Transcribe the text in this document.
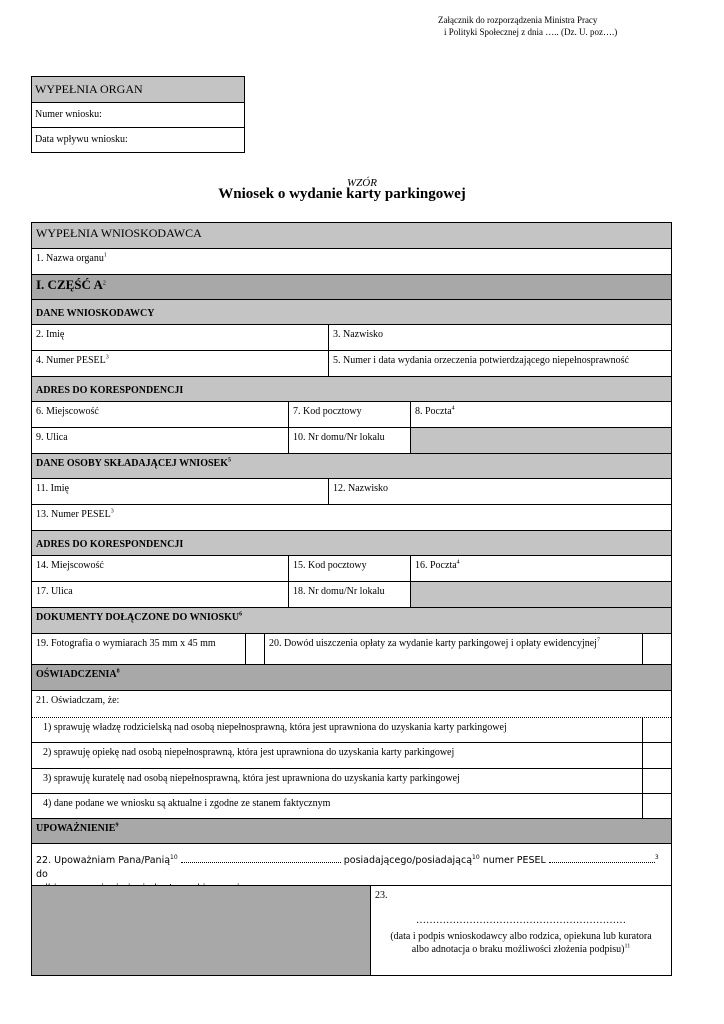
Załącznik do rozporządzenia Ministra Pracy
i Polityki Społecznej z dnia ….. (Dz. U. poz….)
WYPEŁNIA ORGAN
Numer wniosku:
Data wpływu wniosku:
WZÓR
Wniosek o wydanie karty parkingowej
WYPEŁNIA WNIOSKODAWCA
1. Nazwa organu$^1$
I. CZĘŚĆ $A^2$
DANE WNIOSKODAWCY
2. Imię	3. Nazwisko
4. Numer PESEL$^3$	5. Numer i data wydania orzeczenia potwierdzającego niepełnosprawność
ADRES DO KORESPONDENCJI
6. Miejscowość	7. Kod pocztowy	8. Poczta$^4$
9. Ulica	10. Nr domu/Nr lokalu
DANE OSOBY SKŁADAJĄCEJ WNIOSEK$^5$
11. Imię	12. Nazwisko
13. Numer PESEL$^3$
ADRES DO KORESPONDENCJI
14. Miejscowość	15. Kod pocztowy	16. Poczta$^4$
17. Ulica	18. Nr domu/Nr lokalu
DOKUMENTY DOŁĄCZONE DO WNIOSKU$^6$
19. Fotografia o wymiarach 35 mm x 45 mm	20. Dowód uiszczenia opłaty za wydanie karty parkingowej i opłaty ewidencyjnej$^7$
OŚWIADCZENIA$^8$
21. Oświadczam, że:
1) sprawuję władzę rodzicielską nad osobą niepełnosprawną, która jest uprawniona do uzyskania karty parkingowej
2) sprawuję opiekę nad osobą niepełnosprawną, która jest uprawniona do uzyskania karty parkingowej
3) sprawuję kuratelę nad osobą niepełnosprawną, która jest uprawniona do uzyskania karty parkingowej
4) dane podane we wniosku są aktualne i zgodne ze stanem faktycznym
UPOWAŻNIENIE$^9$
22. Upoważniam Pana/Panią$^{10}$	posiadającego/posiadającą$^{10}$ numer PESEL	$^3$ do

23.
………………………………………………………
(data i podpis wnioskodawcy albo rodzica, opiekuna lub kuratora
albo adnotacja o braku możliwości złożenia podpisu)$^{11}$
